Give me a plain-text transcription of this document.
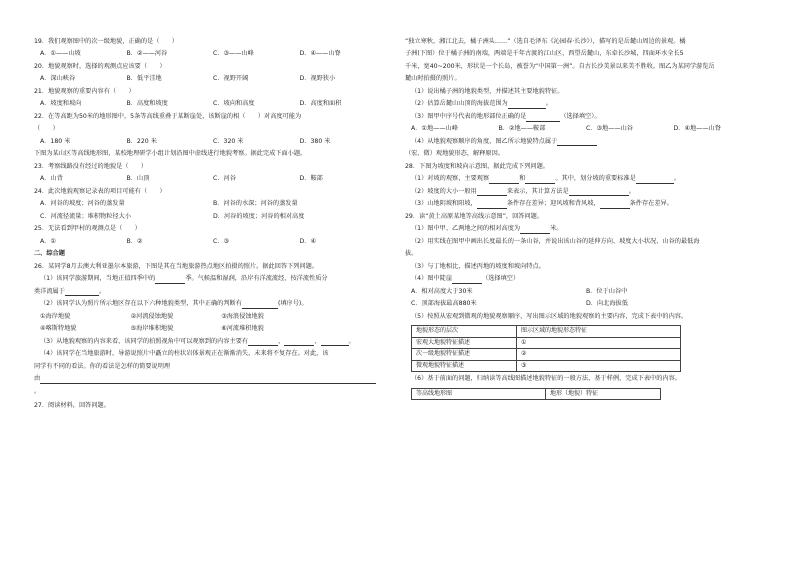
19．我们观察图中的次一级地貌，正确的是（　　）
A．①——山坡	B．②——河谷	C．③——山峰	D．④——山脊
20．地貌观察时，选择的观测点应该要（　　）
A．深山峡谷	B．低平洼地	C．视野开阔	D．视野狭小
21．地貌观察的重要内容有（　　）
A．坡度和坡向	B．高度和坡度	C．坡向和高度	D．高度和面积
22．在等高距为50米的地形图中，5条等高线重叠于某断崖处，该断崖的相（　　）对高度可能为
（　　）
A．180 米	B．220 米	C．320 米	D．380 米
下图为某山区等高线地形图，某校地理研学小组计划沿图中虚线进行地貌考察。据此完成下面小题。
23．考察线路没有经过的地貌是（　　）
A．山背	B．山顶	C．河谷	D．鞍部
24．此次地貌观察记录表的项目可能有（　　）
A．河谷的坡度；河谷的蒸发量	B．河谷的水深；河谷的蒸发量
C．河流径流量；堆积物粒径大小	D．河谷的坡度；河谷的相对高度
25．无法看到甲村的观测点是（　　）
A．①	B．②	C．③	D．④
二、综合题
26．某同学8月去澳大利亚墨尔本旅游，下图是其在当地旅游热点地区拍摄的照片。据此回答下列问题。
（1）该同学旅游期间，当地正值四季中的	季。气候温和湿润，沿岸有洋流流经，按洋流性质分
类洋流属于	。
（2）该同学认为照片所示地区存在以下六种地貌类型，其中正确的判断有	(填序号)。
①海岸地貌	②河流侵蚀地貌	③海浪侵蚀地貌
④喀斯特地貌	⑤海岸堆积地貌	⑥河流堆积地貌
（3）从地貌观察的内容来看，该同学的拍照视角中可以观察到的内容主要有	、	、	。
（4）该同学在当地旅游时，导游说照片中矗立的柱状岩体景观正在渐渐消失，未来将不复存在。对此，该
同学有不同的看法。你的看法是怎样的简要说明理
由
。
27．阅读材料，回答问题。
“独立寒秋，湘江北去，橘子洲头……”（选自毛泽东《沁园春·长沙》），描写的是岳麓山周边的景观。橘
子洲(下图）位于橘子洲的南端，两端是千年古渡的江山区，西望岳麓山，东牵长沙城，四面环水全长5
千米，宽40~200米，形状是一个长岛，被誉为“中国第一洲”。自古长沙美景以来美不胜收。图乙为某同学游览岳
麓山时拍摄的照片。
（1）说出橘子洲的地貌类型，并描述其主要地貌特征。
（2）估算岳麓山山顶的海拔范围为	。
（3）图甲中序号代表的地形部位正确的是	（选择填空）。
A．①地——山峰	B．②地——鞍部	C．③地——山谷	D．④地——山脊
（4）从地貌观察顺序的角度，图乙所示地貌特点属于
（宏、微）观地貌形态，解释原因。
28．下图为坡度和坡向示意图，据此完成下列问题。
（1）对坡的观察，主要观察	和	。其中，划分坡的重要标准是	。
（2）坡度的大小一般用	来表示，其计算方法是	。
（3）山地阴坡和阳坡，	条件存在差异；迎风坡和背风坡，	条件存在差异。
29．读“黄土高原某地等高线示意图”，回答问题。
（1）图中甲、乙两地之间的相对高度为	米。
（2）用实线在图甲中画出长度最长的一条山谷，并说出该山谷的延伸方向、坡度大小状况、山谷的最低海
拔。
（3）与丁地相比，描述丙地的坡度和坡向特点。
（4）图中陡崖	（选择填空）
A．相对高度大于30米	B．位于山谷中
C．顶部海拔最高880米	D．向北海拔低
（5）按照从宏观到微观的地貌观察顺序，写出图示区域的地貌观察的主要内容，完成下表中的内容。
地貌形态的层次	图示区域的地貌形态特征
宏观大地貌特征描述	①
次一级地貌特征描述	②
微观地貌特征描述	③
（6）基于前面的问题，归纳读等高线图描述地貌特征的一般方法，基于样例，完成下表中的内容。
等高线地形图	地形（地貌）特征
